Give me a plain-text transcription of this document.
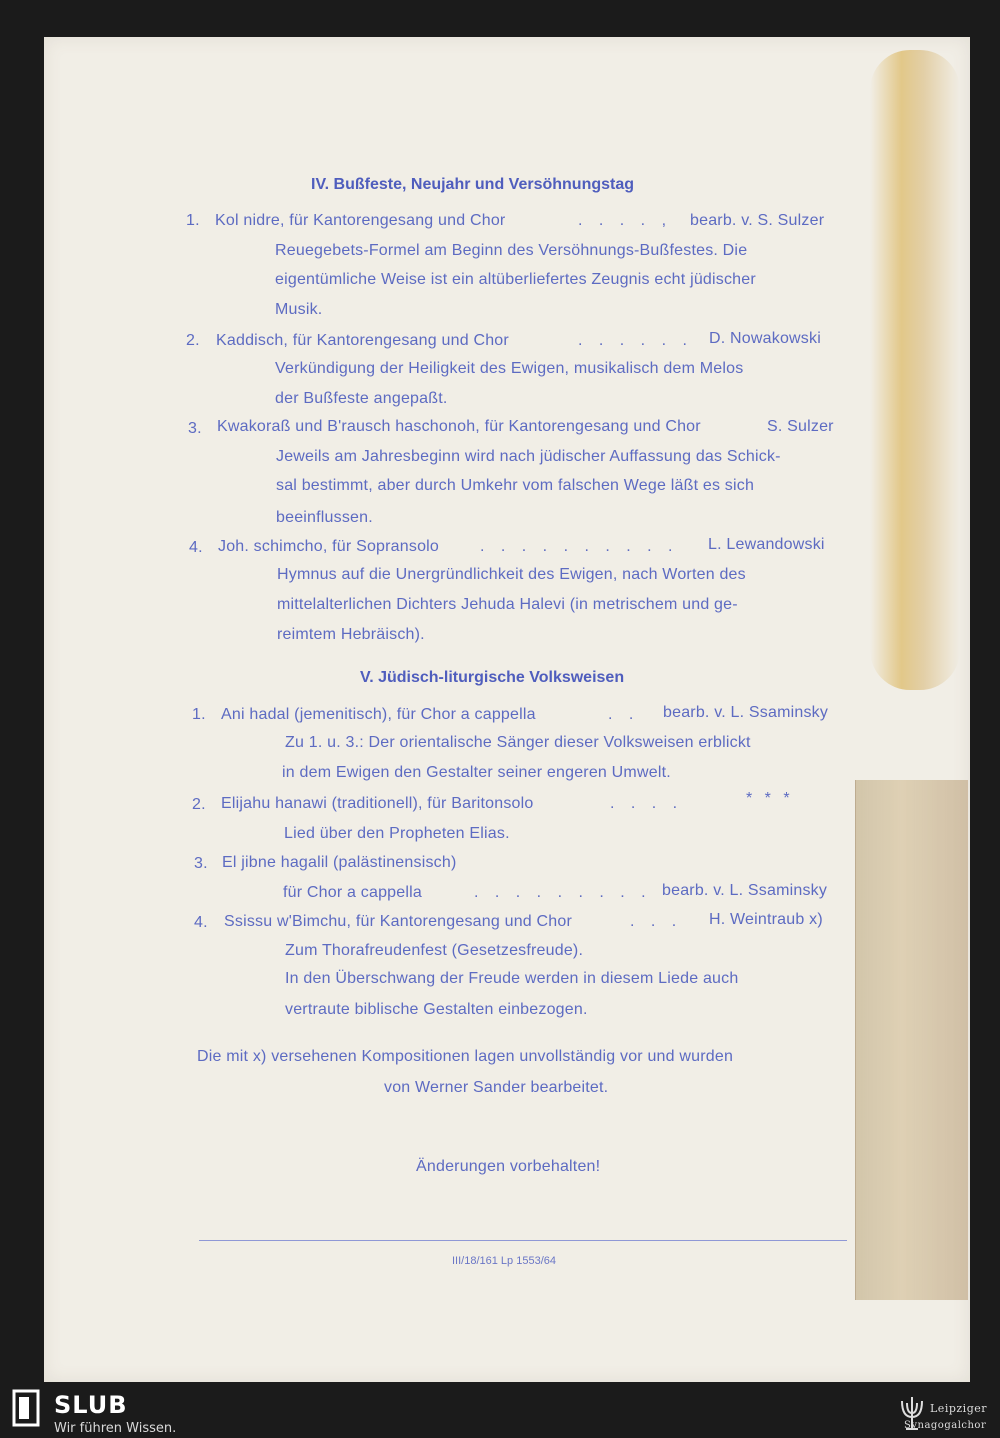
IV. Bußfeste, Neujahr und Versöhnungstag
1. Kol nidre, für Kantorengesang und Chor	. . . . , bearb. v. S. Sulzer
Reuegebets-Formel am Beginn des Versöhnungs-Bußfestes. Die
eigentümliche Weise ist ein altüberliefertes Zeugnis echt jüdischer
Musik.
2. Kaddisch, für Kantorengesang und Chor	. . . . . . D. Nowakowski
Verkündigung der Heiligkeit des Ewigen, musikalisch dem Melos
der Bußfeste angepaßt.
3. Kwakoraß und B'rausch haschonoh, für Kantorengesang und Chor	S. Sulzer
Jeweils am Jahresbeginn wird nach jüdischer Auffassung das Schick-
sal bestimmt, aber durch Umkehr vom falschen Wege läßt es sich
beeinflussen.
4. Joh. schimcho, für Sopransolo	. . . . . . . . . . L. Lewandowski
Hymnus auf die Unergründlichkeit des Ewigen, nach Worten des
mittelalterlichen Dichters Jehuda Halevi (in metrischem und ge-
reimtem Hebräisch).
V. Jüdisch-liturgische Volksweisen
1. Ani hadal (jemenitisch), für Chor a cappella	. . bearb. v. L. Ssaminsky
Zu 1. u. 3.: Der orientalische Sänger dieser Volksweisen erblickt
in dem Ewigen den Gestalter seiner engeren Umwelt.
2. Elijahu hanawi (traditionell), für Baritonsolo	. . . .	* * *
Lied über den Propheten Elias.
3. El jibne hagalil (palästinensisch)
für Chor a cappella	. . . . . . . . . bearb. v. L. Ssaminsky
4. Ssissu w'Bimchu, für Kantorengesang und Chor	. . . H. Weintraub x)
Zum Thorafreudenfest (Gesetzesfreude).
In den Überschwang der Freude werden in diesem Liede auch
vertraute biblische Gestalten einbezogen.
Die mit x) versehenen Kompositionen lagen unvollständig vor und wurden
von Werner Sander bearbeitet.
Änderungen vorbehalten!
III/18/161 Lp 1553/64
SLUB
Wir führen Wissen.
Leipziger
Synagogalchor
